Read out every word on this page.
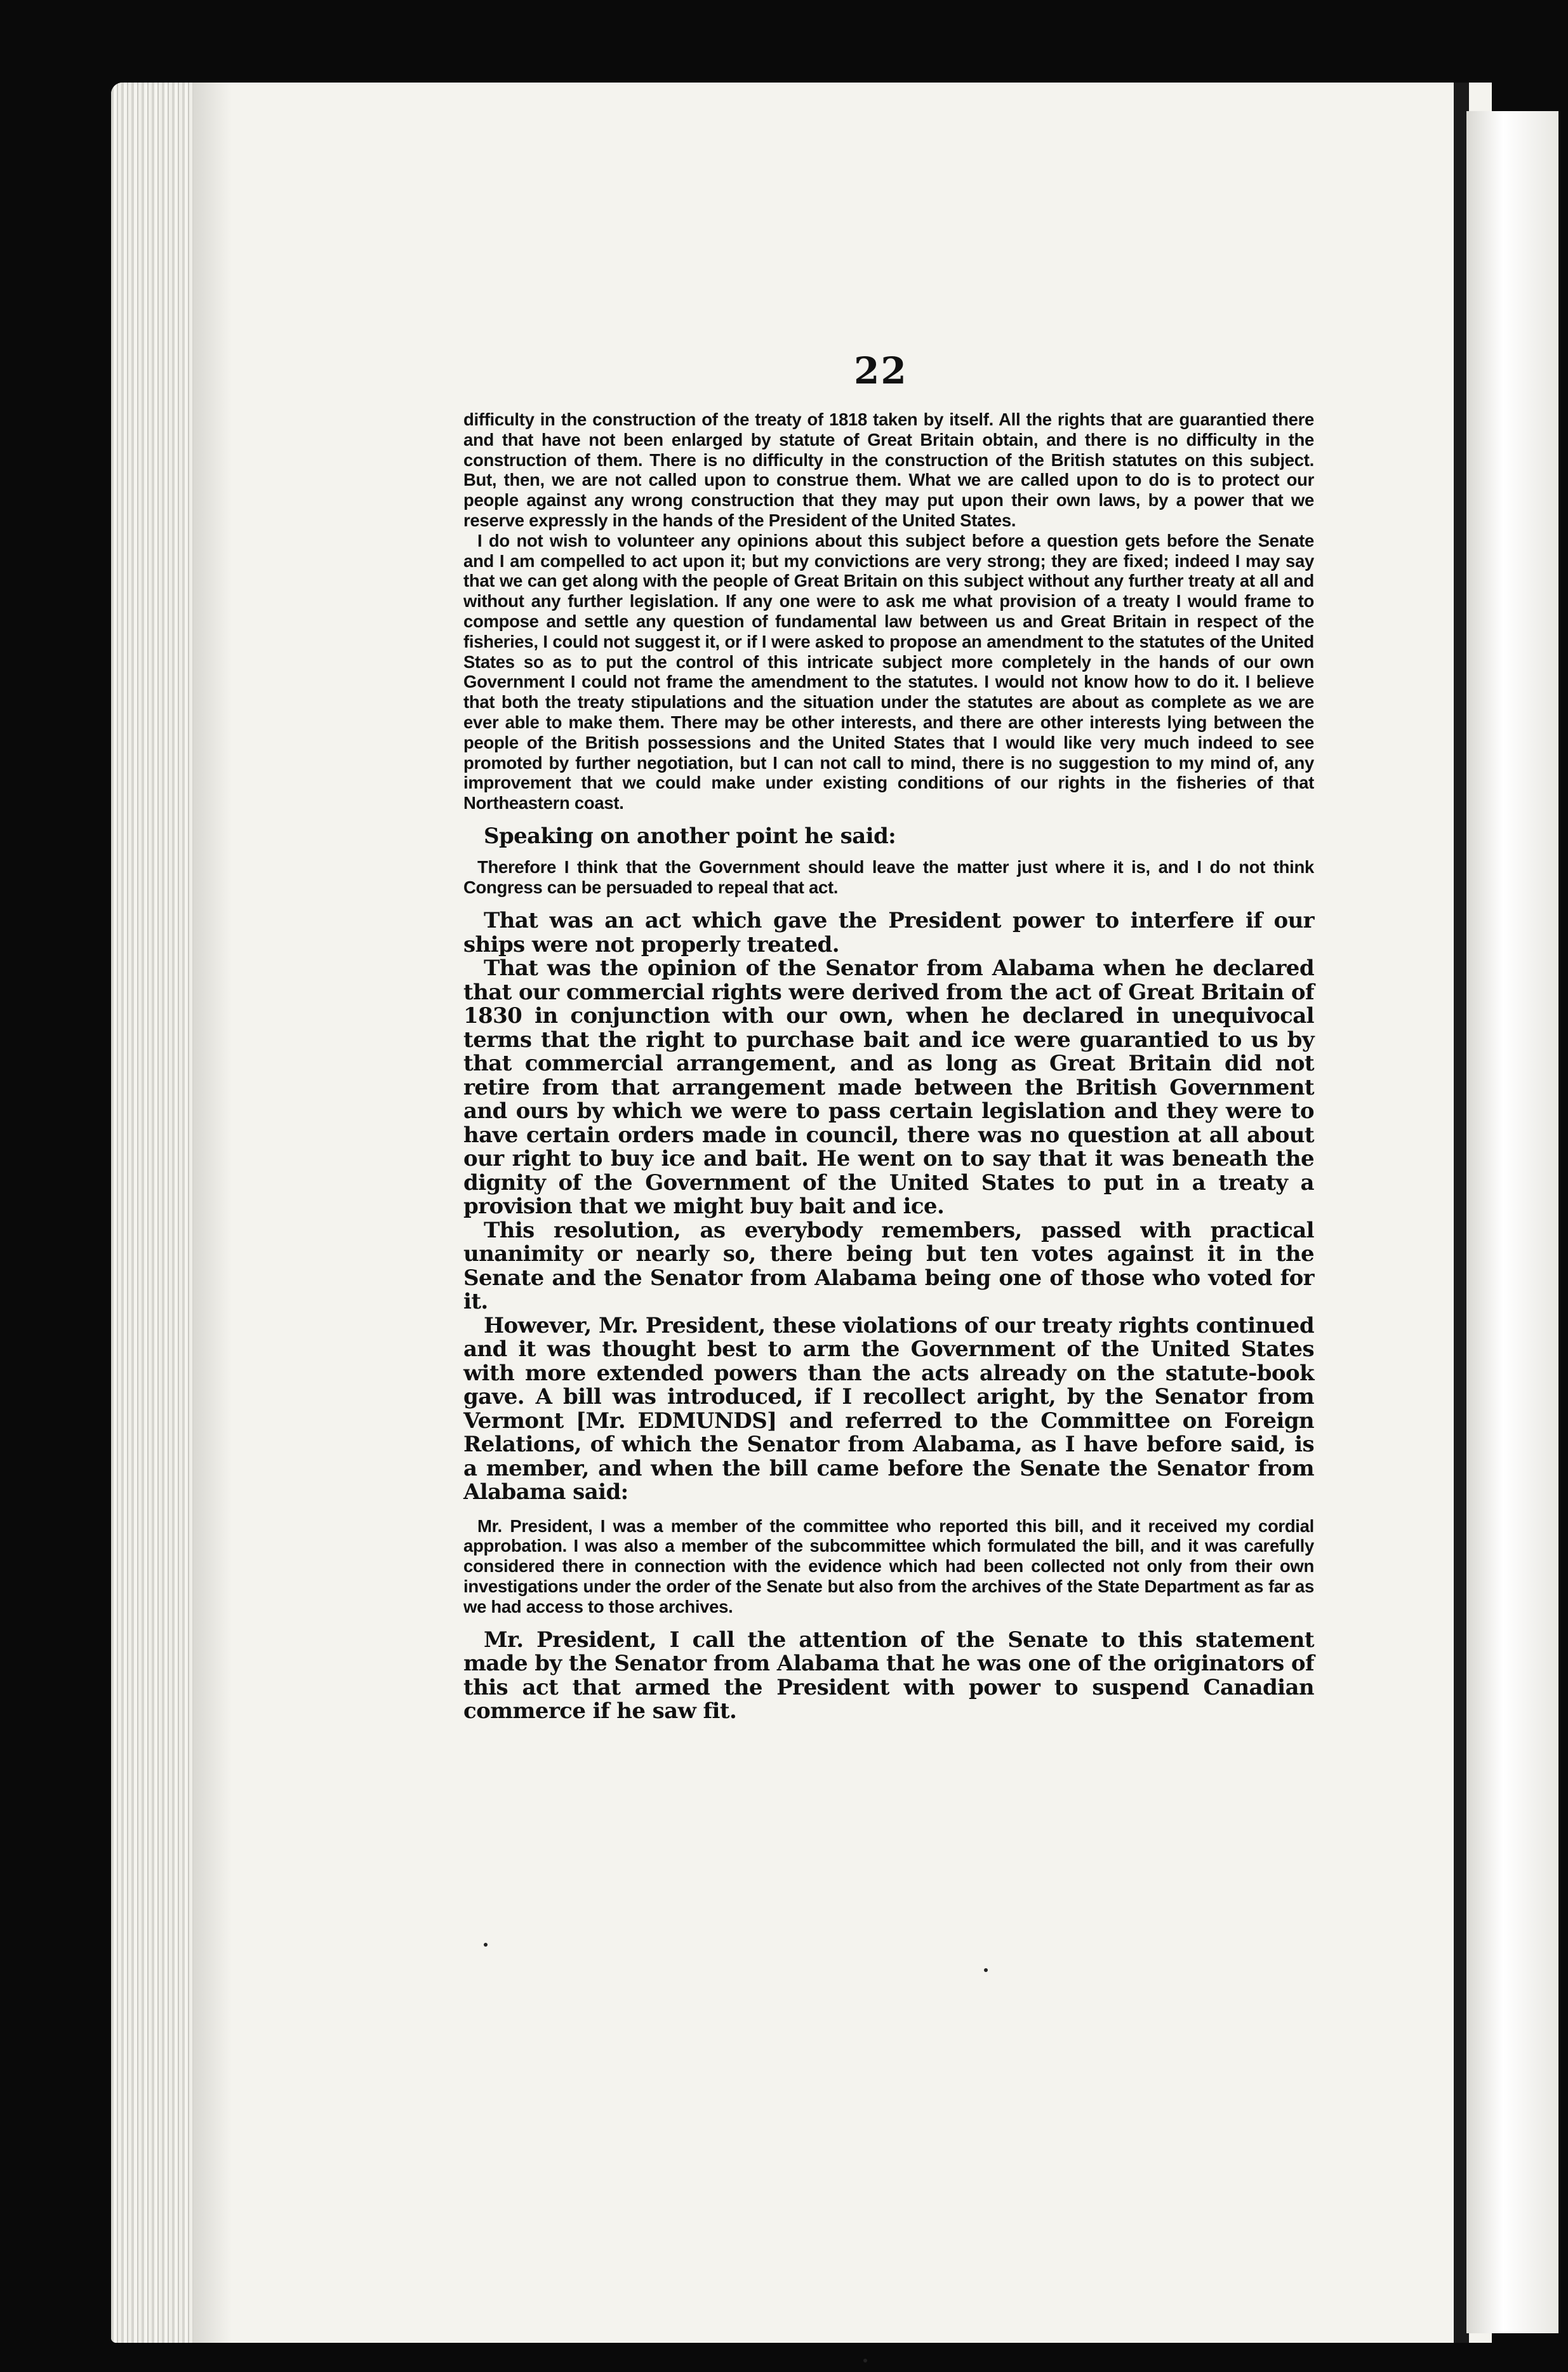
22

difficulty in the construction of the treaty of 1818 taken by itself. All the rights that are guarantied there and that have not been enlarged by statute of Great Britain obtain, and there is no difficulty in the construction of them. There is no difficulty in the construction of the British statutes on this subject. But, then, we are not called upon to construe them. What we are called upon to do is to protect our people against any wrong construction that they may put upon their own laws, by a power that we reserve expressly in the hands of the President of the United States.

I do not wish to volunteer any opinions about this subject before a question gets before the Senate and I am compelled to act upon it; but my convictions are very strong; they are fixed; indeed I may say that we can get along with the people of Great Britain on this subject without any further treaty at all and without any further legislation. If any one were to ask me what provision of a treaty I would frame to compose and settle any question of fundamental law between us and Great Britain in respect of the fisheries, I could not suggest it, or if I were asked to propose an amendment to the statutes of the United States so as to put the control of this intricate subject more completely in the hands of our own Government I could not frame the amendment to the statutes. I would not know how to do it. I believe that both the treaty stipulations and the situation under the statutes are about as complete as we are ever able to make them. There may be other interests, and there are other interests lying between the people of the British possessions and the United States that I would like very much indeed to see promoted by further negotiation, but I can not call to mind, there is no suggestion to my mind of, any improvement that we could make under existing conditions of our rights in the fisheries of that Northeastern coast.

Speaking on another point he said:

Therefore I think that the Government should leave the matter just where it is, and I do not think Congress can be persuaded to repeal that act.

That was an act which gave the President power to interfere if our ships were not properly treated.

That was the opinion of the Senator from Alabama when he declared that our commercial rights were derived from the act of Great Britain of 1830 in conjunction with our own, when he declared in unequivocal terms that the right to purchase bait and ice were guarantied to us by that commercial arrangement, and as long as Great Britain did not retire from that arrangement made between the British Government and ours by which we were to pass certain legislation and they were to have certain orders made in council, there was no question at all about our right to buy ice and bait. He went on to say that it was beneath the dignity of the Government of the United States to put in a treaty a provision that we might buy bait and ice.

This resolution, as everybody remembers, passed with practical unanimity or nearly so, there being but ten votes against it in the Senate and the Senator from Alabama being one of those who voted for it.

However, Mr. President, these violations of our treaty rights continued and it was thought best to arm the Government of the United States with more extended powers than the acts already on the statute-book gave. A bill was introduced, if I recollect aright, by the Senator from Vermont [Mr. EDMUNDS] and referred to the Committee on Foreign Relations, of which the Senator from Alabama, as I have before said, is a member, and when the bill came before the Senate the Senator from Alabama said:

Mr. President, I was a member of the committee who reported this bill, and it received my cordial approbation. I was also a member of the subcommittee which formulated the bill, and it was carefully considered there in connection with the evidence which had been collected not only from their own investigations under the order of the Senate but also from the archives of the State Department as far as we had access to those archives.

Mr. President, I call the attention of the Senate to this statement made by the Senator from Alabama that he was one of the originators of this act that armed the President with power to suspend Canadian commerce if he saw fit.
